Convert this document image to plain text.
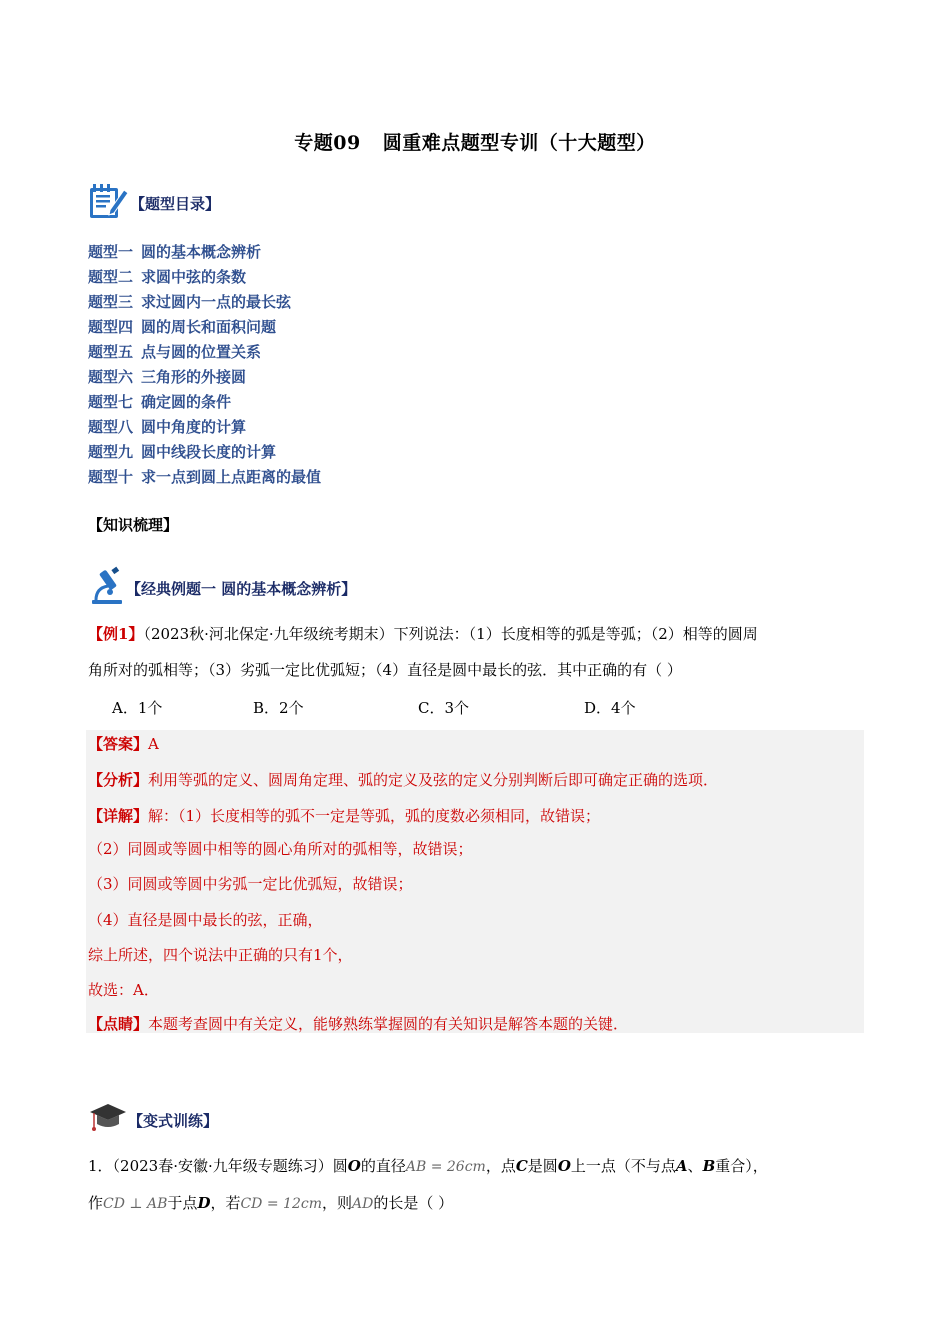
专题09 圆重难点题型专训（十大题型）
【题型目录】
题型一 圆的基本概念辨析
题型二 求圆中弦的条数
题型三 求过圆内一点的最长弦
题型四 圆的周长和面积问题
题型五 点与圆的位置关系
题型六 三角形的外接圆
题型七 确定圆的条件
题型八 圆中角度的计算
题型九 圆中线段长度的计算
题型十 求一点到圆上点距离的最值
【知识梳理】
【经典例题一 圆的基本概念辨析】
【例1】（2023秋·河北保定·九年级统考期末）下列说法：（1）长度相等的弧是等弧；（2）相等的圆周
角所对的弧相等；（3）劣弧一定比优弧短；（4）直径是圆中最长的弦．其中正确的有（ ）
A．1个	B．2个	C．3个	D．4个
【答案】A
【分析】利用等弧的定义、圆周角定理、弧的定义及弦的定义分别判断后即可确定正确的选项．
【详解】解：（1）长度相等的弧不一定是等弧，弧的度数必须相同，故错误；
（2）同圆或等圆中相等的圆心角所对的弧相等，故错误；
（3）同圆或等圆中劣弧一定比优弧短，故错误；
（4）直径是圆中最长的弦，正确，
综上所述，四个说法中正确的只有1个，
故选：A．
【点睛】本题考查圆中有关定义，能够熟练掌握圆的有关知识是解答本题的关键．
【变式训练】
1．（2023春·安徽·九年级专题练习）圆O的直径AB = 26cm，点C是圆O上一点（不与点A、B重合），
作CD ⊥ AB于点D，若CD = 12cm，则AD的长是（ ）
